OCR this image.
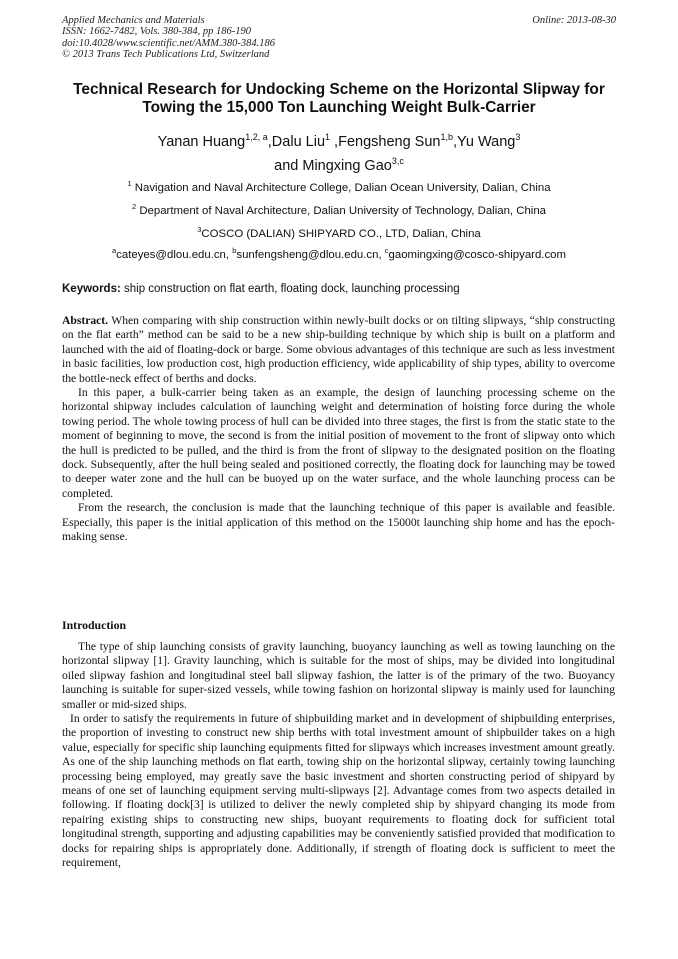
Applied Mechanics and Materials
ISSN: 1662-7482, Vols. 380-384, pp 186-190
doi:10.4028/www.scientific.net/AMM.380-384.186
© 2013 Trans Tech Publications Ltd, Switzerland
Online: 2013-08-30
Technical Research for Undocking Scheme on the Horizontal Slipway for Towing the 15,000 Ton Launching Weight Bulk-Carrier
Yanan Huang$^{1,2, a}$,Dalu Liu$^1$ ,Fengsheng Sun$^{1,b}$,Yu Wang$^3$
and Mingxing Gao$^{3,c}$
$^1$ Navigation and Naval Architecture College, Dalian Ocean University, Dalian, China
$^2$ Department of Naval Architecture, Dalian University of Technology, Dalian, China
$^3$COSCO (DALIAN) SHIPYARD CO., LTD, Dalian, China
$^a$cateyes@dlou.edu.cn, $^b$sunfengsheng@dlou.edu.cn, $^c$gaomingxing@cosco-shipyard.com
Keywords: ship construction on flat earth, floating dock, launching processing

Abstract. When comparing with ship construction within newly-built docks or on tilting slipways, “ship constructing on the flat earth” method can be said to be a new ship-building technique by which ship is built on a platform and launched with the aid of floating-dock or barge. Some obvious advantages of this technique are such as less investment in basic facilities, low production cost, high production efficiency, wide applicability of ship types, ability to overcome the bottle-neck effect of berths and docks.

In this paper, a bulk-carrier being taken as an example, the design of launching processing scheme on the horizontal shipway includes calculation of launching weight and determination of hoisting force during the whole towing period. The whole towing process of hull can be divided into three stages, the first is from the static state to the moment of beginning to move, the second is from the initial position of movement to the front of slipway onto which the hull is predicted to be pulled, and the third is from the front of slipway to the designated position on the floating dock. Subsequently, after the hull being sealed and positioned correctly, the floating dock for launching may be towed to deeper water zone and the hull can be buoyed up on the water surface, and the whole launching process can be completed.

From the research, the conclusion is made that the launching technique of this paper is available and feasible. Especially, this paper is the initial application of this method on the 15000t launching ship home and has the epoch-making sense.

Introduction

The type of ship launching consists of gravity launching, buoyancy launching as well as towing launching on the horizontal slipway [1]. Gravity launching, which is suitable for the most of ships, may be divided into longitudinal oiled slipway fashion and longitudinal steel ball slipway fashion, the latter is of the primary of the two. Buoyancy launching is suitable for super-sized vessels, while towing fashion on horizontal slipway is mainly used for launching smaller or mid-sized ships.

In order to satisfy the requirements in future of shipbuilding market and in development of shipbuilding enterprises, the proportion of investing to construct new ship berths with total investment amount of shipbuilder takes on a high value, especially for specific ship launching equipments fitted for slipways which increases investment amount greatly. As one of the ship launching methods on flat earth, towing ship on the horizontal slipway, certainly towing launching processing being employed, may greatly save the basic investment and shorten constructing period of shipyard by means of one set of launching equipment serving multi-slipways [2]. Advantage comes from two aspects detailed in following. If floating dock[3] is utilized to deliver the newly completed ship by shipyard changing its mode from repairing existing ships to constructing new ships, buoyant requirements to floating dock for sufficient total longitudinal strength, supporting and adjusting capabilities may be conveniently satisfied provided that modification to docks for repairing ships is appropriately done. Additionally, if strength of floating dock is sufficient to meet the requirement,
